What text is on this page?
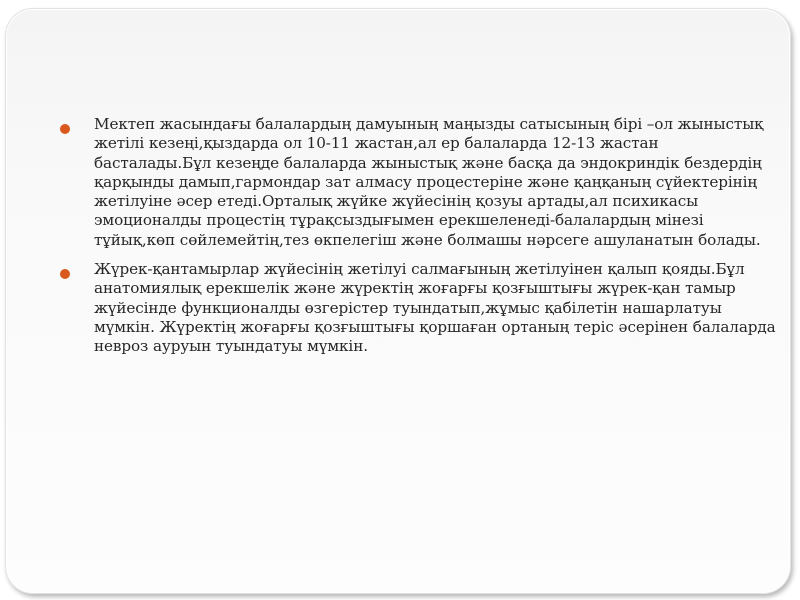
Мектеп жасындағы балалардың дамуының маңызды сатысының бірі –ол жыныстық жетілі кезеңі,қыздарда ол 10-11 жастан,ал ер балаларда 12-13 жастан басталады.Бұл кезеңде балаларда жыныстық және басқа да эндокриндік бездердің қарқынды дамып,гармондар зат алмасу процестеріне және қаңқаның сүйектерінің жетілуіне әсер етеді.Орталық жүйке жүйесінің қозуы артады,ал психикасы эмоционалды процестің тұрақсыздығымен ерекшеленеді-балалардың мінезі тұйық,көп сөйлемейтің,тез өкпелегіш және болмашы нәрсеге ашуланатын болады.
Жүрек-қантамырлар жүйесінің жетілуі салмағының жетілуінен қалып қояды.Бұл анатомиялық ерекшелік және жүректің жоғарғы қозғыштығы жүрек-қан тамыр жүйесінде функционалды өзгерістер туындатып,жұмыс қабілетін нашарлатуы мүмкін. Жүректің жоғарғы қозғыштығы қоршаған ортаның теріс әсерінен балаларда невроз ауруын туындатуы мүмкін.
